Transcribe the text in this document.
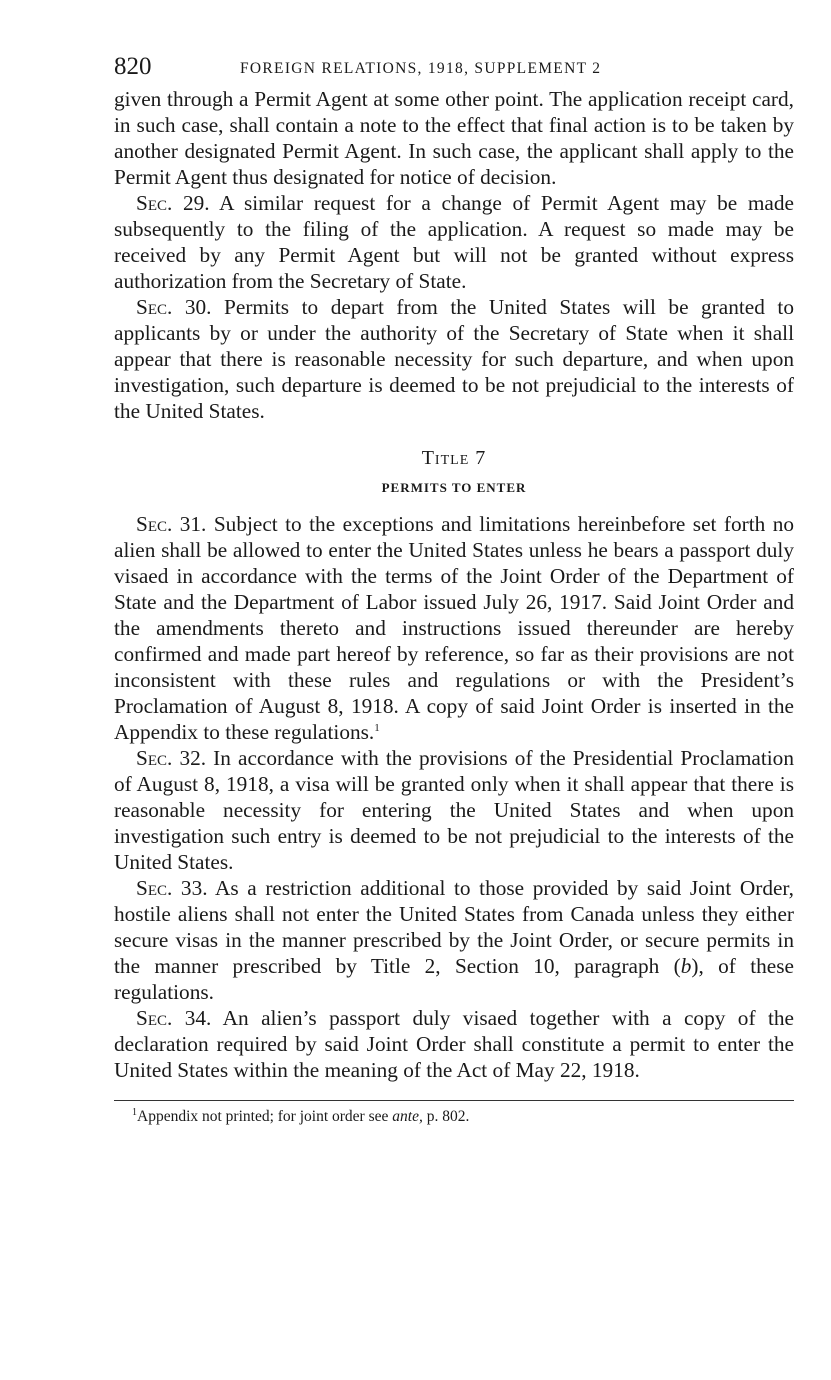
820	FOREIGN RELATIONS, 1918, SUPPLEMENT 2

given through a Permit Agent at some other point. The application receipt card, in such case, shall contain a note to the effect that final action is to be taken by another designated Permit Agent. In such case, the applicant shall apply to the Permit Agent thus designated for notice of decision.

Sec. 29. A similar request for a change of Permit Agent may be made subsequently to the filing of the application. A request so made may be received by any Permit Agent but will not be granted without express authorization from the Secretary of State.

Sec. 30. Permits to depart from the United States will be granted to applicants by or under the authority of the Secretary of State when it shall appear that there is reasonable necessity for such departure, and when upon investigation, such departure is deemed to be not prejudicial to the interests of the United States.

Title 7
PERMITS TO ENTER

Sec. 31. Subject to the exceptions and limitations hereinbefore set forth no alien shall be allowed to enter the United States unless he bears a passport duly visaed in accordance with the terms of the Joint Order of the Department of State and the Department of Labor issued July 26, 1917. Said Joint Order and the amendments thereto and instructions issued thereunder are hereby confirmed and made part hereof by reference, so far as their provisions are not inconsistent with these rules and regulations or with the President’s Proclamation of August 8, 1918. A copy of said Joint Order is inserted in the Appendix to these regulations.$^1$

Sec. 32. In accordance with the provisions of the Presidential Proclamation of August 8, 1918, a visa will be granted only when it shall appear that there is reasonable necessity for entering the United States and when upon investigation such entry is deemed to be not prejudicial to the interests of the United States.

Sec. 33. As a restriction additional to those provided by said Joint Order, hostile aliens shall not enter the United States from Canada unless they either secure visas in the manner prescribed by the Joint Order, or secure permits in the manner prescribed by Title 2, Section 10, paragraph (b), of these regulations.

Sec. 34. An alien’s passport duly visaed together with a copy of the declaration required by said Joint Order shall constitute a permit to enter the United States within the meaning of the Act of May 22, 1918.

$^1$Appendix not printed; for joint order see ante, p. 802.
